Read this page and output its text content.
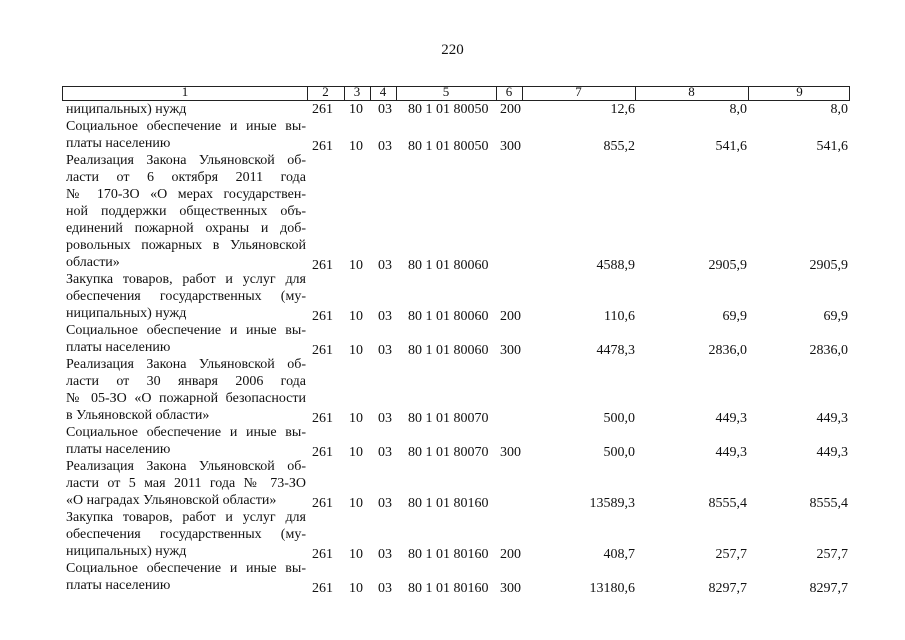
220
1	2	3	4	5	6	7	8	9
ниципальных) нужд	261	10	03	80 1 01 80050 200	12,6	8,0	8,0
Социальное обеспечение и иные вы-
платы населению	261	10	03	80 1 01 80050 300	855,2	541,6	541,6
Реализация Закона Ульяновской об-
ласти от 6 октября 2011 года
№ 170-ЗО «О мерах государствен-
ной поддержки общественных объ-
единений пожарной охраны и доб-
ровольных пожарных в Ульяновской
области»	261	10	03	80 1 01 80060	4588,9	2905,9	2905,9
Закупка товаров, работ и услуг для
обеспечения государственных (му-
ниципальных) нужд	261	10	03	80 1 01 80060 200	110,6	69,9	69,9
Социальное обеспечение и иные вы-
платы населению	261	10	03	80 1 01 80060 300	4478,3	2836,0	2836,0
Реализация Закона Ульяновской об-
ласти от 30 января 2006 года
№ 05-ЗО «О пожарной безопасности
в Ульяновской области»	261	10	03	80 1 01 80070	500,0	449,3	449,3
Социальное обеспечение и иные вы-
платы населению	261	10	03	80 1 01 80070 300	500,0	449,3	449,3
Реализация Закона Ульяновской об-
ласти от 5 мая 2011 года № 73-ЗО
«О наградах Ульяновской области»	261	10	03	80 1 01 80160	13589,3	8555,4	8555,4
Закупка товаров, работ и услуг для
обеспечения государственных (му-
ниципальных) нужд	261	10	03	80 1 01 80160 200	408,7	257,7	257,7
Социальное обеспечение и иные вы-
платы населению	261	10	03	80 1 01 80160 300	13180,6	8297,7	8297,7
